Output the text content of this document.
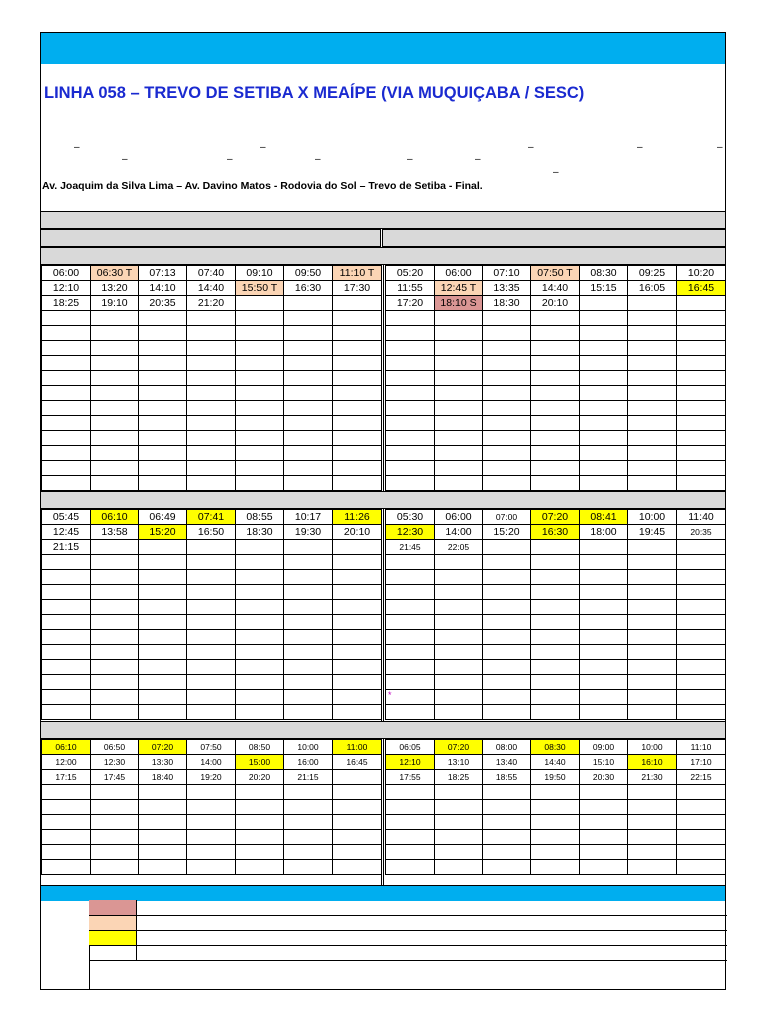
LINHA 058 – TREVO DE SETIBA X MEAÍPE (VIA MUQUIÇABA / SESC)
–	–	–	–	–
–	–	–	–	–
–
Av. Joaquim da Silva Lima – Av. Davino Matos - Rodovia do Sol – Trevo de Setiba - Final.
06:00	06:30 T	07:13	07:40	09:10	09:50	11:10 T
12:10	13:20	14:10	14:40	15:50 T	16:30	17:30
18:25	19:10	20:35	21:20			

05:20	06:00	07:10	07:50 T	08:30	09:25	10:20
11:55	12:45 T	13:35	14:40	15:15	16:05	16:45
17:20	18:10 S	18:30	20:10			

05:45	06:10	06:49	07:41	08:55	10:17	11:26
12:45	13:58	15:20	16:50	18:30	19:30	20:10
21:15						

05:30	06:00	07:00	07:20	08:41	10:00	11:40
12:30	14:00	15:20	16:30	18:00	19:45	20:35
21:45	22:05					

*
06:10	06:50	07:20	07:50	08:50	10:00	11:00
12:00	12:30	13:30	14:00	15:00	16:00	16:45
17:15	17:45	18:40	19:20	20:20	21:15	

06:05	07:20	08:00	08:30	09:00	10:00	11:10
12:10	13:10	13:40	14:40	15:10	16:10	17:10
17:55	18:25	18:55	19:50	20:30	21:30	22:15
